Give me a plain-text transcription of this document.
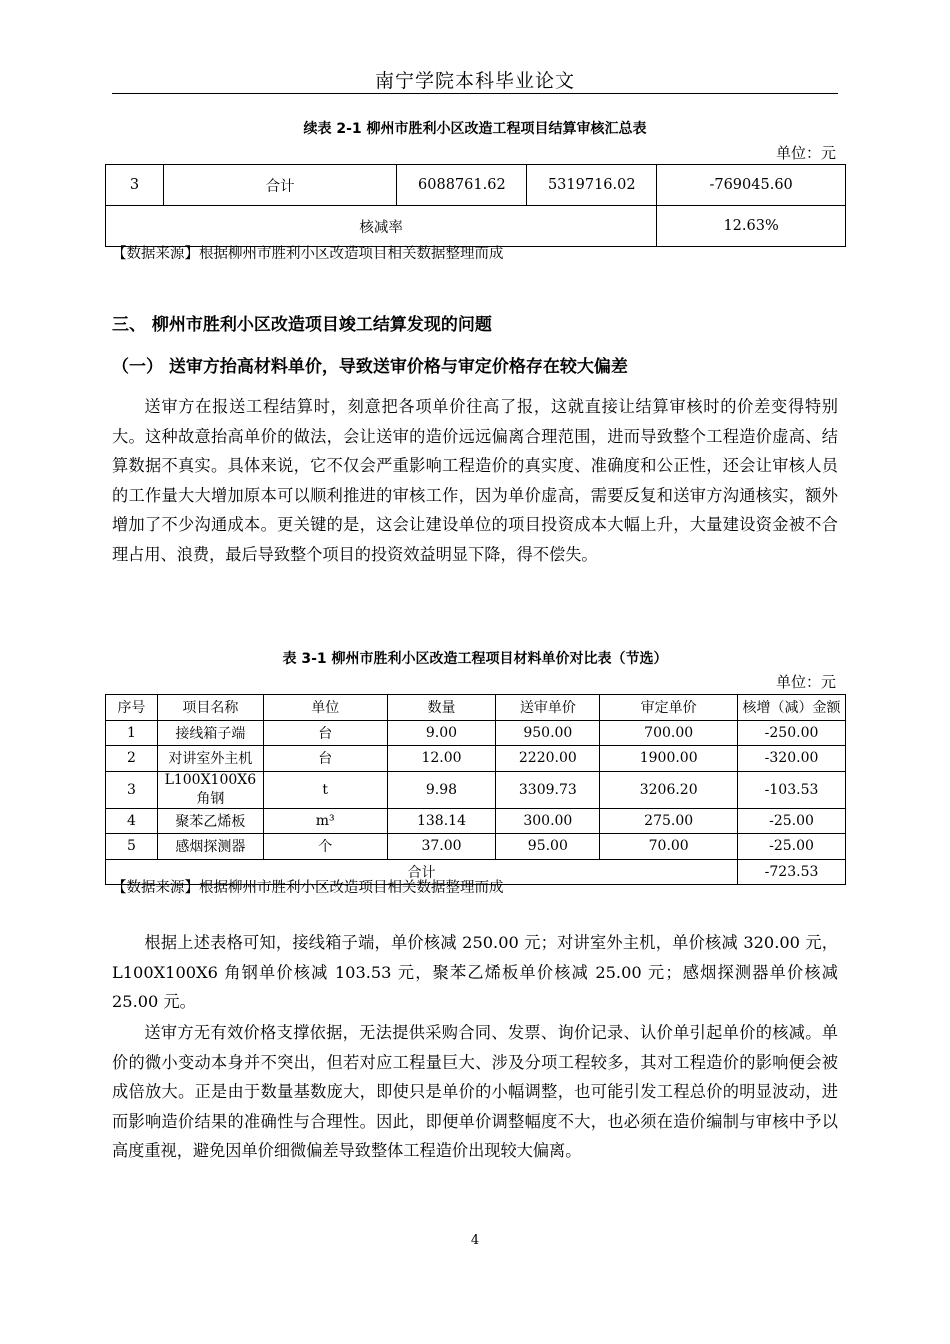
南宁学院本科毕业论文
续表 2-1 柳州市胜利小区改造工程项目结算审核汇总表
单位：元
3	合计	6088761.62	5319716.02	-769045.60
核减率				12.63%
【数据来源】根据柳州市胜利小区改造项目相关数据整理而成
三、 柳州市胜利小区改造项目竣工结算发现的问题
（一） 送审方抬高材料单价，导致送审价格与审定价格存在较大偏差

送审方在报送工程结算时，刻意把各项单价往高了报，这就直接让结算审核时的价差变得特别大。这种故意抬高单价的做法，会让送审的造价远远偏离合理范围，进而导致整个工程造价虚高、结算数据不真实。具体来说，它不仅会严重影响工程造价的真实度、准确度和公正性，还会让审核人员的工作量大大增加原本可以顺利推进的审核工作，因为单价虚高，需要反复和送审方沟通核实，额外增加了不少沟通成本。更关键的是，这会让建设单位的项目投资成本大幅上升，大量建设资金被不合理占用、浪费，最后导致整个项目的投资效益明显下降，得不偿失。

表 3-1 柳州市胜利小区改造工程项目材料单价对比表（节选）
单位：元
序号	项目名称	单位	数量	送审单价	审定单价	核增（减）金额
1	接线箱子端	台	9.00	950.00	700.00	-250.00
2	对讲室外主机	台	12.00	2220.00	1900.00	-320.00
3	L100X100X6 角钢	t	9.98	3309.73	3206.20	-103.53
4	聚苯乙烯板	m³	138.14	300.00	275.00	-25.00
5	感烟探测器	个	37.00	95.00	70.00	-25.00
合计						-723.53
【数据来源】根据柳州市胜利小区改造项目相关数据整理而成

根据上述表格可知，接线箱子端，单价核减 250.00 元；对讲室外主机，单价核减 320.00 元，L100X100X6 角钢单价核减 103.53 元，聚苯乙烯板单价核减 25.00 元；感烟探测器单价核减 25.00 元。

送审方无有效价格支撑依据，无法提供采购合同、发票、询价记录、认价单引起单价的核减。单价的微小变动本身并不突出，但若对应工程量巨大、涉及分项工程较多，其对工程造价的影响便会被成倍放大。正是由于数量基数庞大，即使只是单价的小幅调整，也可能引发工程总价的明显波动，进而影响造价结果的准确性与合理性。因此，即便单价调整幅度不大，也必须在造价编制与审核中予以高度重视，避免因单价细微偏差导致整体工程造价出现较大偏离。

4
